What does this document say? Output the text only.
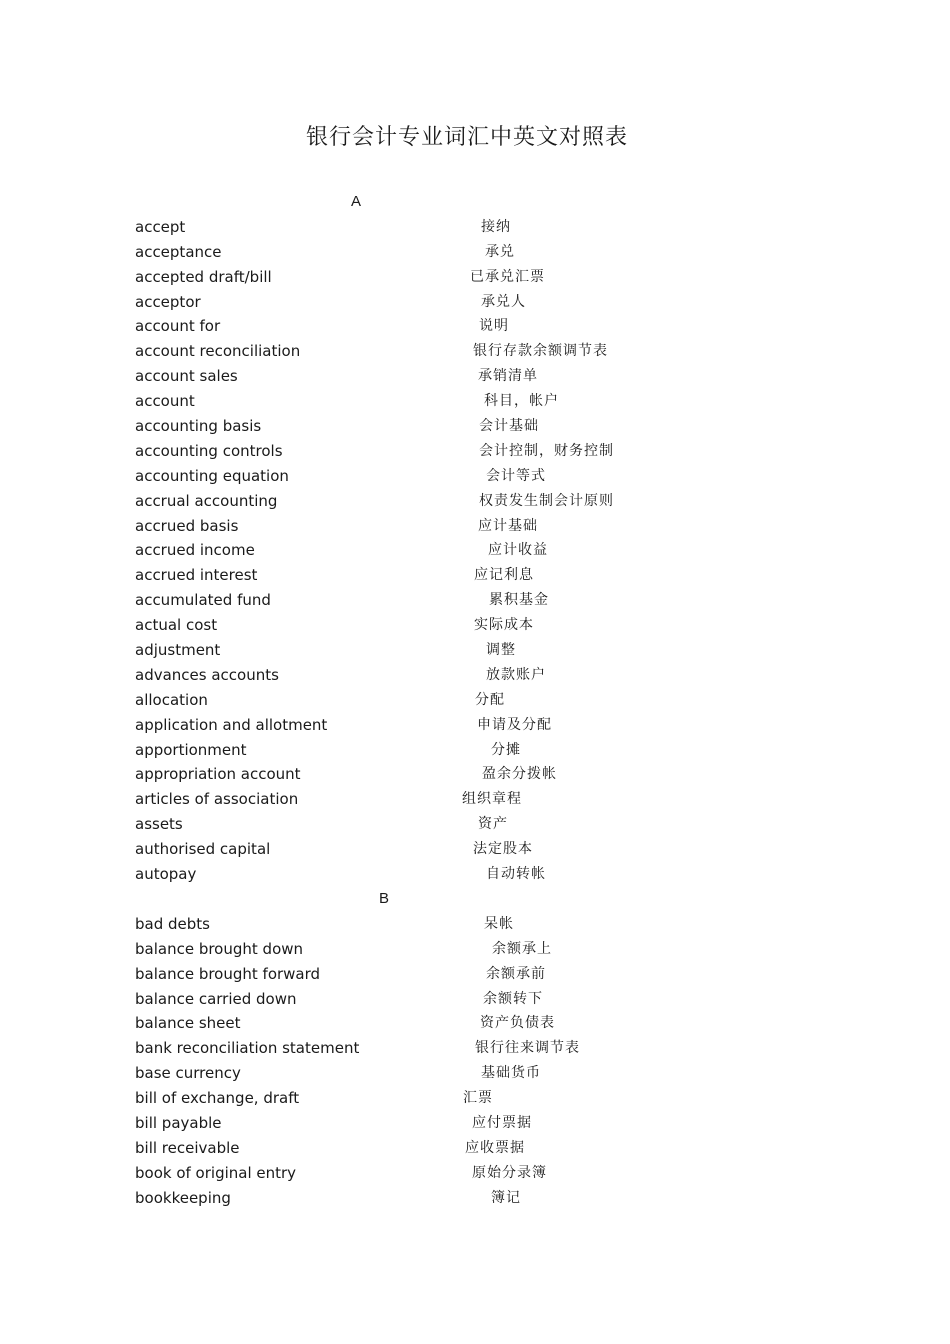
银行会计专业词汇中英文对照表
A
accept	接纳
acceptance	承兑
accepted draft/bill	已承兑汇票
acceptor	承兑人
account for	说明
account reconciliation	银行存款余额调节表
account sales	承销清单
account	科目，帐户
accounting basis	会计基础
accounting controls	会计控制，财务控制
accounting equation	会计等式
accrual accounting	权责发生制会计原则
accrued basis	应计基础
accrued income	应计收益
accrued interest	应记利息
accumulated fund	累积基金
actual cost	实际成本
adjustment	调整
advances accounts	放款账户
allocation	分配
application and allotment	申请及分配
apportionment	分摊
appropriation account	盈余分拨帐
articles of association	组织章程
assets	资产
authorised capital	法定股本
autopay	自动转帐
B
bad debts	呆帐
balance brought down	余额承上
balance brought forward	余额承前
balance carried down	余额转下
balance sheet	资产负债表
bank reconciliation statement	银行往来调节表
base currency	基础货币
bill of exchange, draft	汇票
bill payable	应付票据
bill receivable	应收票据
book of original entry	原始分录簿
bookkeeping	簿记
